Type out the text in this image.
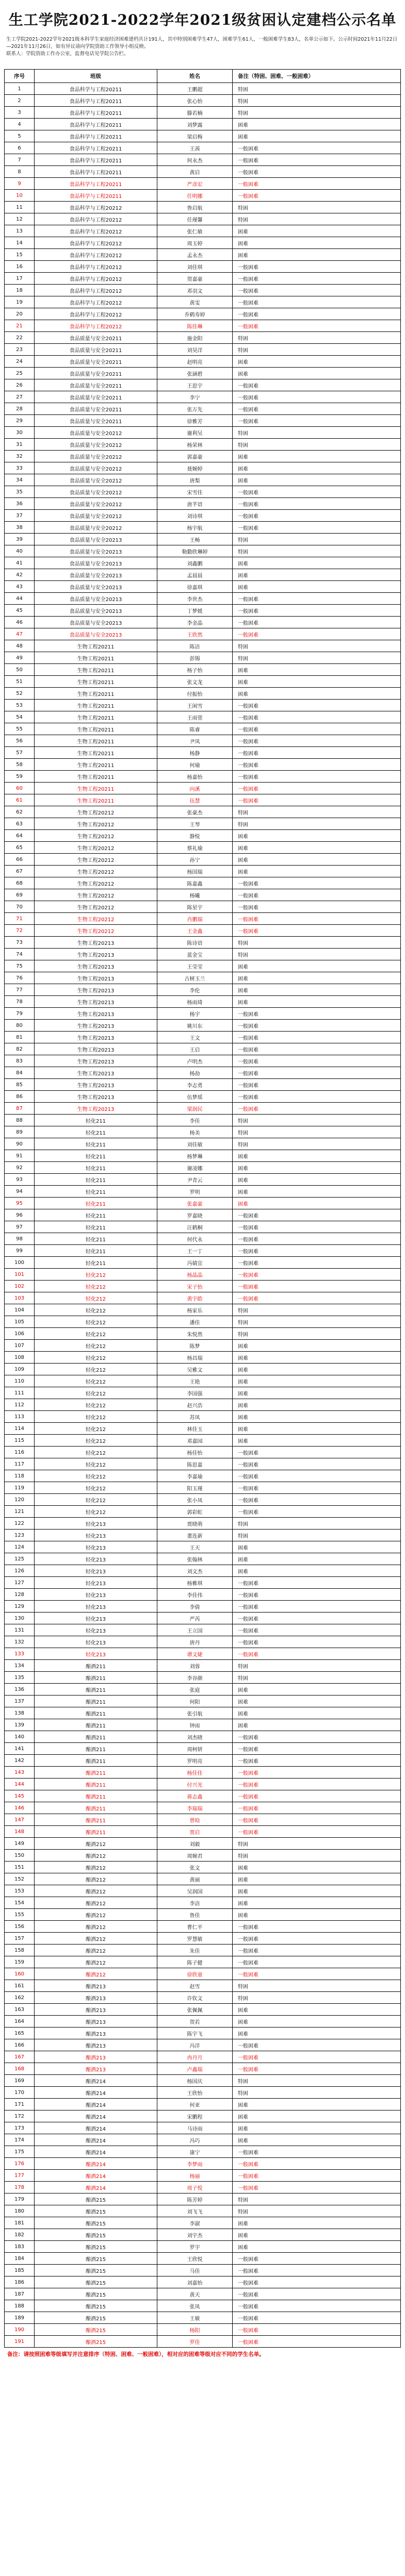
生工学院2021-2022学年2021级贫困认定建档公示名单

生工学院2021-2022学年2021级本科学生家庭经济困难建档共计191人，其中特别困难学生47人，困难学生61人，一般困难学生83人，名单公示如下。公示时间2021年11月22日—2021年11月26日，如有异议请向学院资助工作领导小组反映。

联系人：学院资助工作办公室，监督电话见学院公告栏。

序号	班级	姓名	备注（特困、困难、一般困难）
1	食品科学与工程20211	王鹏超	特困
2	食品科学与工程20211	张心怡	特困
3	食品科学与工程20211	滕若楠	特困
4	食品科学与工程20211	刘梦露	困难
5	食品科学与工程20211	梁启梅	困难
6	食品科学与工程20211	王茜	一般困难
7	食品科学与工程20211	何永杰	一般困难
8	食品科学与工程20211	黄启	一般困难
9	食品科学与工程20211	严彦宏	一般困难
10	食品科学与工程20211	任明娜	一般困难
11	食品科学与工程20212	鲁启航	特困
12	食品科学与工程20212	任瑾馨	特困
13	食品科学与工程20212	张仁敏	困难
14	食品科学与工程20212	周玉婷	困难
15	食品科学与工程20212	孟永杰	困难
16	食品科学与工程20212	刘佳琪	一般困难
17	食品科学与工程20212	贺嘉豪	一般困难
18	食品科学与工程20212	邓羽文	一般困难
19	食品科学与工程20212	黄雯	一般困难
20	食品科学与工程20212	乔鹤寿婷	一般困难
21	食品科学与工程20212	陈佳琳	一般困难
22	食品质量与安全20211	施金阳	特困
23	食品质量与安全20211	刘昊洋	特困
24	食品质量与安全20211	赵明亮	困难
25	食品质量与安全20211	张涵碧	困难
26	食品质量与安全20211	王思宇	一般困难
27	食品质量与安全20211	李宁	一般困难
28	食品质量与安全20211	张万先	一般困难
29	食品质量与安全20211	徐雅芳	一般困难
30	食品质量与安全20212	谢利吴	特困
31	食品质量与安全20212	杨荣林	特困
32	食品质量与安全20212	郭嘉豪	困难
33	食品质量与安全20212	聂婉婷	困难
34	食品质量与安全20212	唐梨	困难
35	食品质量与安全20212	宋雪佳	一般困难
36	食品质量与安全20212	唐芊语	一般困难
37	食品质量与安全20212	刘诗琪	一般困难
38	食品质量与安全20212	杨宇航	一般困难
39	食品质量与安全20213	王畅	特困
40	食品质量与安全20213	勒勤欣琳婷	特困
41	食品质量与安全20213	刘鑫鹏	困难
42	食品质量与安全20213	孟晨晨	困难
43	食品质量与安全20213	徐嘉琪	困难
44	食品质量与安全20213	李世杰	一般困难
45	食品质量与安全20213	丁梦媛	一般困难
46	食品质量与安全20213	李金晶	一般困难
47	食品质量与安全20213	王欣然	一般困难
48	生物工程20211	陈洁	特困
49	生物工程20211	彭锡	特困
50	生物工程20211	杨子怡	困难
51	生物工程20211	张文龙	困难
52	生物工程20211	付振怡	困难
53	生物工程20211	王闲雪	一般困难
54	生物工程20211	王雨萱	一般困难
55	生物工程20211	陈睿	一般困难
56	生物工程20211	尹凤	一般困难
57	生物工程20211	杨静	一般困难
58	生物工程20211	何瑜	一般困难
59	生物工程20211	杨嘉怡	一般困难
60	生物工程20211	向溪	一般困难
61	生物工程20211	伍慧	一般困难
62	生物工程20212	张豪杰	特困
63	生物工程20212	王琴	特困
64	生物工程20212	静悦	困难
65	生物工程20212	蔡礼瑜	困难
66	生物工程20212	孙宁	困难
67	生物工程20212	杨国瑞	困难
68	生物工程20212	陈嘉鑫	一般困难
69	生物工程20212	杨曦	一般困难
70	生物工程20212	陈星宇	一般困难
71	生物工程20212	肖鹏瑞	一般困难
72	生物工程20212	王金鑫	一般困难
73	生物工程20213	陈诗语	特困
74	生物工程20213	蓝金宝	特困
75	生物工程20213	王莹莹	困难
76	生物工程20213	古树玉兰	困难
77	生物工程20213	李伦	困难
78	生物工程20213	杨雨琦	困难
79	生物工程20213	杨宇	一般困难
80	生物工程20213	姚川东	一般困难
81	生物工程20213	王文	一般困难
82	生物工程20213	王启	一般困难
83	生物工程20213	卢明杰	一般困难
84	生物工程20213	杨劼	一般困难
85	生物工程20213	李志勇	一般困难
86	生物工程20213	伍梦瑶	一般困难
87	生物工程20213	梁润民	一般困难
88	轻化211	李佳	特困
89	轻化211	杨美	特困
90	轻化211	刘佳敏	特困
91	轻化211	杨梦琳	困难
92	轻化211	谢凌娜	困难
93	轻化211	尹青云	困难
94	轻化211	罗明	困难
95	轻化211	张嘉豪	困难
96	轻化211	罗嘉晓	一般困难
97	轻化211	汪鹤桐	一般困难
98	轻化211	何代永	一般困难
99	轻化211	王一丁	一般困难
100	轻化211	冯婧宜	一般困难
101	轻化212	杨晶晶	一般困难
102	轻化212	宋子怡	一般困难
103	轻化212	黄宇皓	一般困难
104	轻化212	杨家乐	特困
105	轻化212	潘佳	特困
106	轻化212	朱悦然	特困
107	轻化212	陈梦	困难
108	轻化212	杨昌瑞	困难
109	轻化212	吴雅文	困难
110	轻化212	王艳	困难
111	轻化212	李国强	困难
112	轻化212	赵兴浩	困难
113	轻化212	苏凤	困难
114	轻化212	林佳玉	困难
115	轻化212	邓嘉园	困难
116	轻化212	杨佳怡	一般困难
117	轻化212	陈思嘉	一般困难
118	轻化212	李嘉瑜	一般困难
119	轻化212	阳玉瑾	一般困难
120	轻化212	张小凤	一般困难
121	轻化212	郭彩虹	一般困难
122	轻化213	贾晓萌	特困
123	轻化213	董连新	特困
124	轻化213	王天	困难
125	轻化213	张翰林	困难
126	轻化213	刘文杰	困难
127	轻化213	杨雅琪	一般困难
128	轻化213	李佳伟	一般困难
129	轻化213	李倩	一般困难
130	轻化213	严芮	一般困难
131	轻化213	王立国	一般困难
132	轻化213	唐丹	一般困难
133	轻化213	谭文婕	一般困难
134	酿酒211	刘蓉	特困
135	酿酒211	李谷颜	特困
136	酿酒211	张庭	困难
137	酿酒211	何阳	困难
138	酿酒211	张引航	困难
139	酿酒211	钟雨	困难
140	酿酒211	刘杰晓	一般困难
141	酿酒211	周柯妍	一般困难
142	酿酒211	罗明亮	一般困难
143	酿酒211	杨佳佳	一般困难
144	酿酒211	付兴光	一般困难
145	酿酒211	蒋志鑫	一般困难
146	酿酒211	李瑞瑞	一般困难
147	酿酒211	曾晗	一般困难
148	酿酒211	贾启	一般困难
149	酿酒212	刘毅	特困
150	酿酒212	周婉君	特困
151	酿酒212	张文	困难
152	酿酒212	黄丽	困难
153	酿酒212	吴润国	困难
154	酿酒212	李洁	困难
155	酿酒212	鲁佳	困难
156	酿酒212	曹仁平	一般困难
157	酿酒212	罗慧敏	一般困难
158	酿酒212	朱佳	一般困难
159	酿酒212	陈子健	一般困难
160	酿酒212	徐欣童	一般困难
161	酿酒213	赵雪	特困
162	酿酒213	许钦文	特困
163	酿酒213	张佩佩	困难
164	酿酒213	贺若	困难
165	酿酒213	陈宇飞	困难
166	酿酒213	冯洋	一般困难
167	酿酒213	冉丹月	一般困难
168	酿酒213	卢鑫瑞	一般困难
169	酿酒214	杨国庆	特困
170	酿酒214	王欣怡	特困
171	酿酒214	何亚	困难
172	酿酒214	宋鹏程	困难
173	酿酒214	马诗雨	困难
174	酿酒214	冯巧	困难
175	酿酒214	康宁	一般困难
176	酿酒214	李梦雨	一般困难
177	酿酒214	杨丽	一般困难
178	酿酒214	周子悦	一般困难
179	酿酒215	陈芳婷	特困
180	酿酒215	刘飞飞	特困
181	酿酒215	李淑	困难
182	酿酒215	刘宇杰	困难
183	酿酒215	罗宇	困难
184	酿酒215	王欣悦	一般困难
185	酿酒215	马佳	一般困难
186	酿酒215	刘嘉怡	一般困难
187	酿酒215	黄天	一般困难
188	酿酒215	张凤	一般困难
189	酿酒215	王敏	一般困难
190	酿酒215	杨阳	一般困难
191	酿酒215	罗佳	一般困难
备注：请按照困难等级填写并注意排序（特困、困难、一般困难），相对应的困难等级对应不同的学生名单。
